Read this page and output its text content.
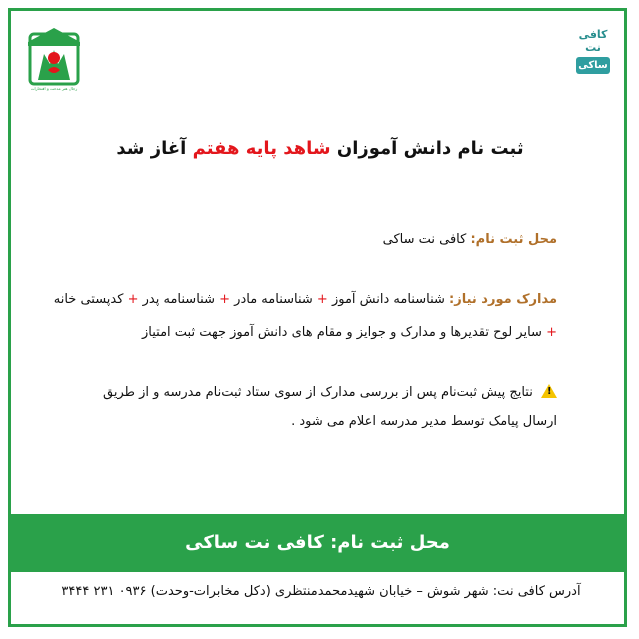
رجال هنر مدحت و افتخارات
کافی نت
ساکی
ثبت نام دانش آموزان شاهد پایه هفتم آغاز شد
محل ثبت نام: کافی نت ساکی
مدارک مورد نیاز: شناسنامه دانش آموز + شناسنامه مادر + شناسنامه پدر + کدپستی خانه
+ سایر لوح تقدیرها و مدارک و جوایز و مقام های دانش آموز جهت ثبت امتیاز
!
نتایج پیش ثبت‌نام پس از بررسی مدارک از سوی ستاد ثبت‌نام مدرسه و از طریق
ارسال پیامک توسط مدیر مدرسه اعلام می شود .
محل ثبت نام: کافی نت ساکی
آدرس کافی نت: شهر شوش – خیابان شهیدمحمدمنتظری (دکل مخابرات-وحدت) ۰۹۳۶ ۲۳۱ ۳۴۴۴
